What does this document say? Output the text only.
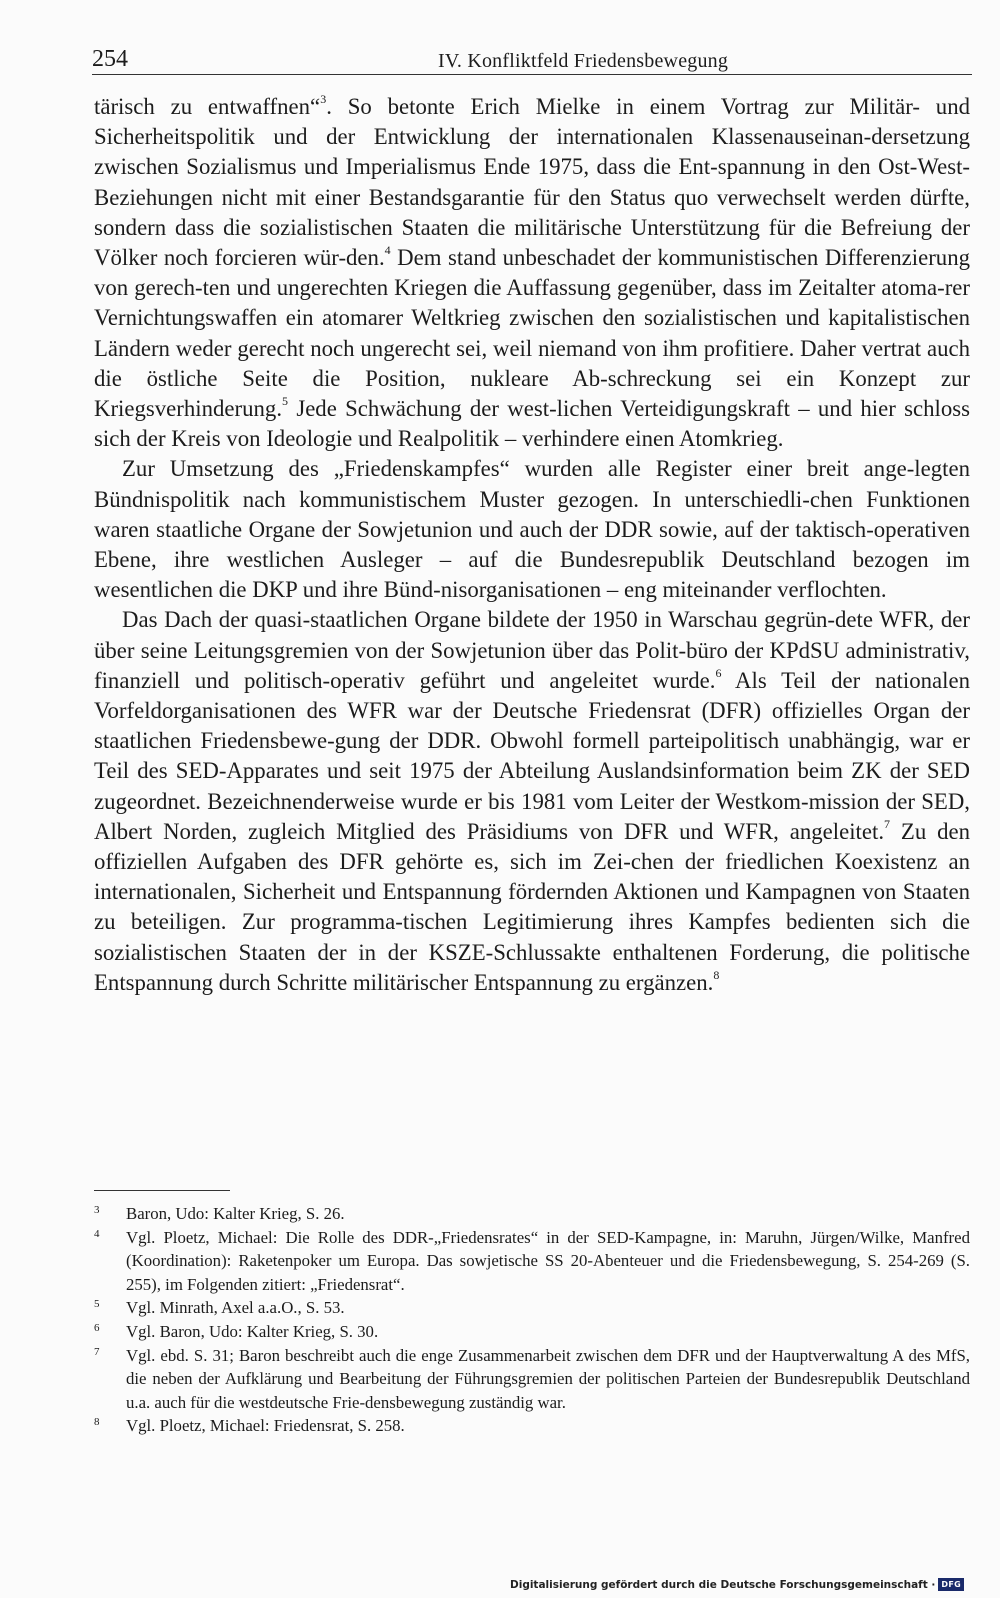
254	IV. Konfliktfeld Friedensbewegung

tärisch zu entwaffnen“$^3$. So betonte Erich Mielke in einem Vortrag zur Militär- und Sicherheitspolitik und der Entwicklung der internationalen Klassenauseinan-dersetzung zwischen Sozialismus und Imperialismus Ende 1975, dass die Ent-spannung in den Ost-West-Beziehungen nicht mit einer Bestandsgarantie für den Status quo verwechselt werden dürfte, sondern dass die sozialistischen Staaten die militärische Unterstützung für die Befreiung der Völker noch forcieren wür-den.$^4$ Dem stand unbeschadet der kommunistischen Differenzierung von gerech-ten und ungerechten Kriegen die Auffassung gegenüber, dass im Zeitalter atoma-rer Vernichtungswaffen ein atomarer Weltkrieg zwischen den sozialistischen und kapitalistischen Ländern weder gerecht noch ungerecht sei, weil niemand von ihm profitiere. Daher vertrat auch die östliche Seite die Position, nukleare Ab-schreckung sei ein Konzept zur Kriegsverhinderung.$^5$ Jede Schwächung der west-lichen Verteidigungskraft – und hier schloss sich der Kreis von Ideologie und Realpolitik – verhindere einen Atomkrieg.

Zur Umsetzung des „Friedenskampfes“ wurden alle Register einer breit ange-legten Bündnispolitik nach kommunistischem Muster gezogen. In unterschiedli-chen Funktionen waren staatliche Organe der Sowjetunion und auch der DDR sowie, auf der taktisch-operativen Ebene, ihre westlichen Ausleger – auf die Bundesrepublik Deutschland bezogen im wesentlichen die DKP und ihre Bünd-nisorganisationen – eng miteinander verflochten.

Das Dach der quasi-staatlichen Organe bildete der 1950 in Warschau gegrün-dete WFR, der über seine Leitungsgremien von der Sowjetunion über das Polit-büro der KPdSU administrativ, finanziell und politisch-operativ geführt und angeleitet wurde.$^6$ Als Teil der nationalen Vorfeldorganisationen des WFR war der Deutsche Friedensrat (DFR) offizielles Organ der staatlichen Friedensbewe-gung der DDR. Obwohl formell parteipolitisch unabhängig, war er Teil des SED-Apparates und seit 1975 der Abteilung Auslandsinformation beim ZK der SED zugeordnet. Bezeichnenderweise wurde er bis 1981 vom Leiter der Westkom-mission der SED, Albert Norden, zugleich Mitglied des Präsidiums von DFR und WFR, angeleitet.$^7$ Zu den offiziellen Aufgaben des DFR gehörte es, sich im Zei-chen der friedlichen Koexistenz an internationalen, Sicherheit und Entspannung fördernden Aktionen und Kampagnen von Staaten zu beteiligen. Zur programma-tischen Legitimierung ihres Kampfes bedienten sich die sozialistischen Staaten der in der KSZE-Schlussakte enthaltenen Forderung, die politische Entspannung durch Schritte militärischer Entspannung zu ergänzen.$^8$

3 Baron, Udo: Kalter Krieg, S. 26.
4 Vgl. Ploetz, Michael: Die Rolle des DDR-„Friedensrates“ in der SED-Kampagne, in: Maruhn, Jürgen/Wilke, Manfred (Koordination): Raketenpoker um Europa. Das sowjetische SS 20-Abenteuer und die Friedensbewegung, S. 254-269 (S. 255), im Folgenden zitiert: „Friedensrat“.
5 Vgl. Minrath, Axel a.a.O., S. 53.
6 Vgl. Baron, Udo: Kalter Krieg, S. 30.
7 Vgl. ebd. S. 31; Baron beschreibt auch die enge Zusammenarbeit zwischen dem DFR und der Hauptverwaltung A des MfS, die neben der Aufklärung und Bearbeitung der Führungsgremien der politischen Parteien der Bundesrepublik Deutschland u.a. auch für die westdeutsche Frie-densbewegung zuständig war.
8 Vgl. Ploetz, Michael: Friedensrat, S. 258.
Digitalisierung gefördert durch die Deutsche Forschungsgemeinschaft · DFG
